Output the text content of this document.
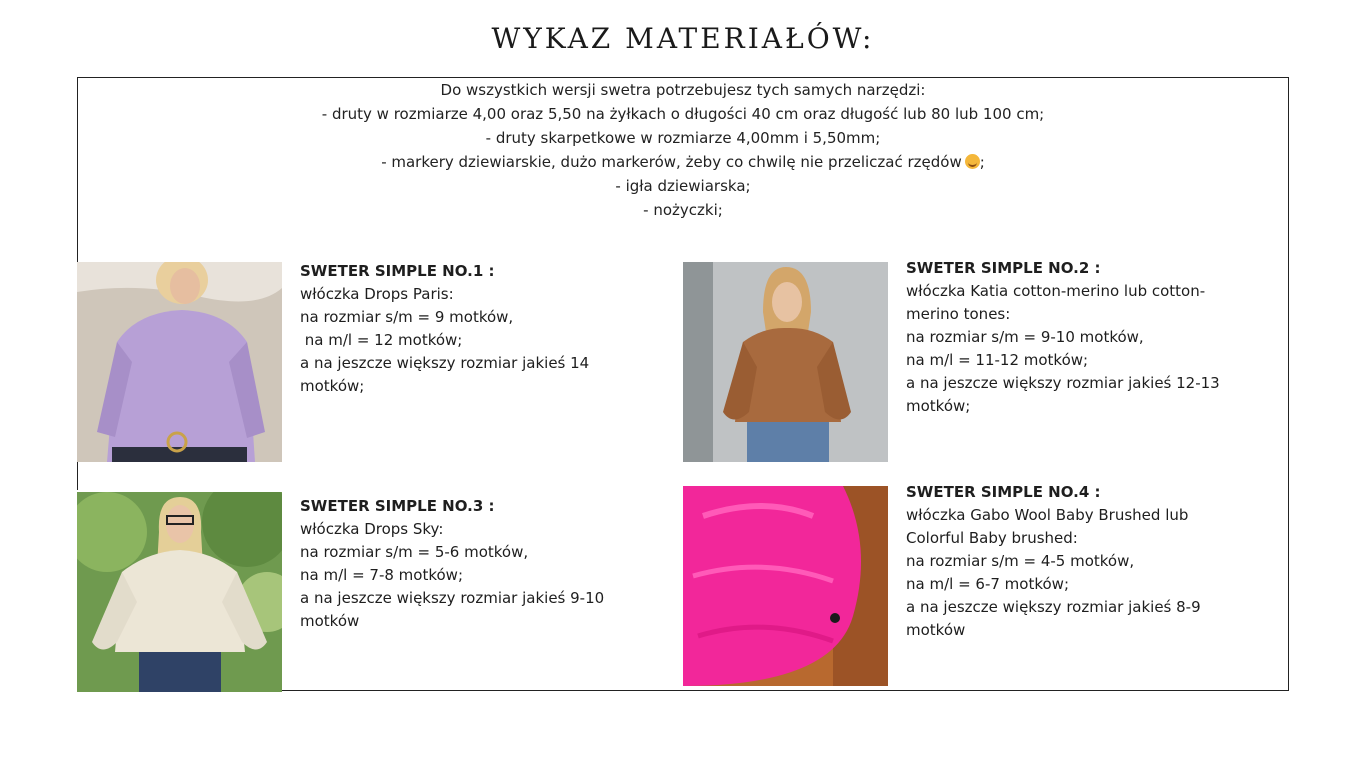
WYKAZ MATERIAŁÓW:
Do wszystkich wersji swetra potrzebujesz tych samych narzędzi:
- druty w rozmiarze 4,00 oraz 5,50 na żyłkach o długości 40 cm oraz długość lub 80 lub 100 cm;
- druty skarpetkowe w rozmiarze 4,00mm i 5,50mm;
- markery dziewiarskie, dużo markerów, żeby co chwilę nie przeliczać rzędów ;
- igła dziewiarska;
- nożyczki;
SWETER SIMPLE NO.1 :
włóczka Drops Paris:
na rozmiar s/m = 9 motków,
na m/l = 12 motków;
a na jeszcze większy rozmiar jakieś 14
motków;
SWETER SIMPLE NO.2 :
włóczka Katia cotton-merino lub cotton-
merino tones:
na rozmiar s/m = 9-10 motków,
na m/l = 11-12 motków;
a na jeszcze większy rozmiar jakieś 12-13
motków;
SWETER SIMPLE NO.3 :
włóczka Drops Sky:
na rozmiar s/m = 5-6 motków,
na m/l = 7-8 motków;
a na jeszcze większy rozmiar jakieś 9-10
motków
SWETER SIMPLE NO.4 :
włóczka Gabo Wool Baby Brushed lub
Colorful Baby brushed:
na rozmiar s/m = 4-5 motków,
na m/l = 6-7 motków;
a na jeszcze większy rozmiar jakieś 8-9
motków
